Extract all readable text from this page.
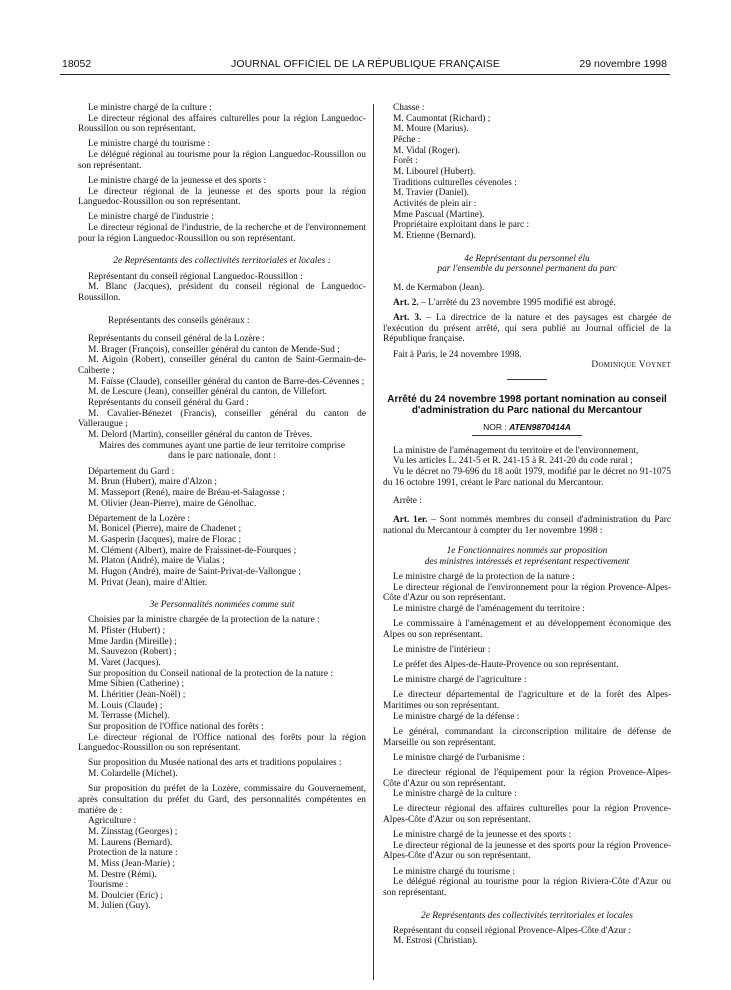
18052	JOURNAL OFFICIEL DE LA RÉPUBLIQUE FRANÇAISE	29 novembre 1998

Le ministre chargé de la culture :

Le directeur régional des affaires culturelles pour la région Languedoc-Roussillon ou son représentant.

Le ministre chargé du tourisme :

Le délégué régional au tourisme pour la région Languedoc-Roussillon ou son représentant.

Le ministre chargé de la jeunesse et des sports :

Le directeur régional de la jeunesse et des sports pour la région Languedoc-Roussillon ou son représentant.

Le ministre chargé de l'industrie :

Le directeur régional de l'industrie, de la recherche et de l'environnement pour la région Languedoc-Roussillon ou son représentant.

2e Représentants des collectivités territoriales et locales :

Représentant du conseil régional Languedoc-Roussillon :

M. Blanc (Jacques), président du conseil régional de Languedoc-Roussillon.

Représentants des conseils généraux :

Représentants du conseil général de la Lozère :

M. Brager (François), conseiller général du canton de Mende-Sud ;

M. Aigoin (Robert), conseiller général du canton de Saint-Germain-de-Calberte ;

M. Faïsse (Claude), conseiller général du canton de Barre-des-Cévennes ;

M. de Lescure (Jean), conseiller général du canton, de Villefort.

Représentants du conseil général du Gard :

M. Cavalier-Bénezet (Francis), conseiller général du canton de Valleraugue ;

M. Delord (Martin), conseiller général du canton de Trèves.

Maires des communes ayant une partie de leur territoire comprise dans le parc nationale, dont :

Département du Gard :

M. Brun (Hubert), maire d'Alzon ;

M. Masseport (René), maire de Bréau-et-Salagosse ;

M. Olivier (Jean-Pierre), maire de Génolhac.

Département de la Lozère :

M. Bonicel (Pierre), maire de Chadenet ;

M. Gasperin (Jacques), maire de Florac ;

M. Clément (Albert), maire de Fraissinet-de-Fourques ;

M. Platon (André), maire de Vialas ;

M. Hugon (André), maire de Saint-Privat-de-Vallongue ;

M. Privat (Jean), maire d'Altier.

3e Personnalités nommées comme suit

Choisies par la ministre chargée de la protection de la nature :

M. Pfister (Hubert) ;

Mme Jardin (Mireille) ;

M. Sauvezon (Robert) ;

M. Varet (Jacques).

Sur proposition du Conseil national de la protection de la nature :

Mme Sibien (Catherine) ;

M. Lhéritier (Jean-Noël) ;

M. Louis (Claude) ;

M. Terrasse (Michel).

Sur proposition de l'Office national des forêts :

Le directeur régional de l'Office national des forêts pour la région Languedoc-Roussillon ou son représentant.

Sur proposition du Musée national des arts et traditions populaires :

M. Colardelle (Michel).

Sur proposition du préfet de la Lozère, commissaire du Gouvernement, après consultation du préfet du Gard, des personnalités compétentes en matière de :

Agriculture :

M. Zinsstag (Georges) ;

M. Laurens (Bernard).

Protection de la nature :

M. Miss (Jean-Marie) ;

M. Destre (Rémi).

Tourisme :

M. Doulcier (Eric) ;

M. Julien (Guy).

Chasse :

M. Caumontat (Richard) ;

M. Moure (Marius).

Pêche :

M. Vidal (Roger).

Forêt :

M. Libourel (Hubert).

Traditions culturelles cévenoles :

M. Travier (Daniel).

Activités de plein air :

Mme Pascual (Martine).

Propriétaire exploitant dans le parc :

M. Etienne (Bernard).

4e Représentant du personnel élu

par l'ensemble du personnel permanent du parc

M. de Kermabon (Jean).

Art. 2. – L'arrêté du 23 novembre 1995 modifié est abrogé.

Art. 3. – La directrice de la nature et des paysages est chargée de l'exécution du présent arrêté, qui sera publié au Journal officiel de la République française.

Fait à Paris, le 24 novembre 1998.

Dominique Voynet

Arrêté du 24 novembre 1998 portant nomination au conseil d'administration du Parc national du Mercantour
NOR : ATEN9870414A

La ministre de l'aménagement du territoire et de l'environnement,

Vu les articles L. 241-5 et R. 241-15 à R. 241-20 du code rural ;

Vu le décret no 79-696 du 18 août 1979, modifié par le décret no 91-1075 du 16 octobre 1991, créant le Parc national du Mercantour.

Arrête :

Art. 1er. – Sont nommés membres du conseil d'administration du Parc national du Mercantour à compter du 1er novembre 1998 :

1e Fonctionnaires nommés sur proposition

des ministres intéressés et représentant respectivement

Le ministre chargé de la protection de la nature :

Le directeur régional de l'environnement pour la région Provence-Alpes-Côte d'Azur ou son représentant.

Le ministre chargé de l'aménagement du territoire :

Le commissaire à l'aménagement et au développement économique des Alpes ou son représentant.

Le ministre de l'intérieur :

Le préfet des Alpes-de-Haute-Provence ou son représentant.

Le ministre chargé de l'agriculture :

Le directeur départemental de l'agriculture et de la forêt des Alpes-Maritimes ou son représentant.

Le ministre chargé de la défense :

Le général, commandant la circonscription militaire de défense de Marseille ou son représentant.

Le ministre chargé de l'urbanisme :

Le directeur régional de l'équipement pour la région Provence-Alpes-Côte d'Azur ou son représentant.

Le ministre chargé de la culture :

Le directeur régional des affaires culturelles pour la région Provence-Alpes-Côte d'Azur ou son représentant.

Le ministre chargé de la jeunesse et des sports :

Le directeur régional de la jeunesse et des sports pour la région Provence-Alpes-Côte d'Azur ou son représentant.

Le ministre chargé du tourisme :

Le délégué régional au tourisme pour la région Riviera-Côte d'Azur ou son représentant.

2e Représentants des collectivités territoriales et locales

Représentant du conseil régional Provence-Alpes-Côte d'Azur :

M. Estrosi (Christian).
